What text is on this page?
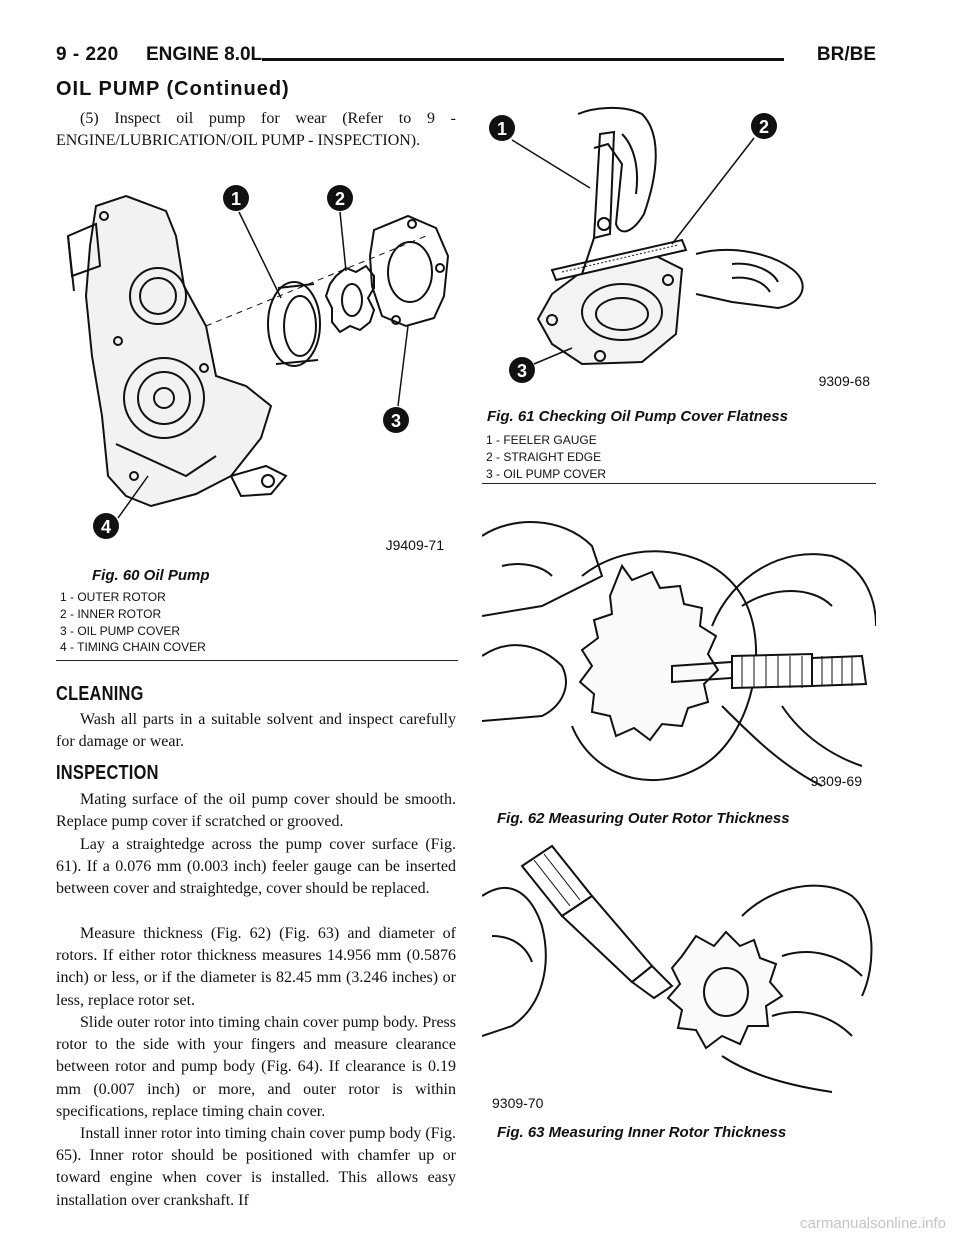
9 - 220 ENGINE 8.0L	BR/BE
OIL PUMP (Continued)
(5) Inspect oil pump for wear (Refer to 9 - ENGINE/LUBRICATION/OIL PUMP - INSPECTION).
1	2
3
4
J9409-71
Fig. 60 Oil Pump
1 - OUTER ROTOR
2 - INNER ROTOR
3 - OIL PUMP COVER
4 - TIMING CHAIN COVER
CLEANING
Wash all parts in a suitable solvent and inspect carefully for damage or wear.
INSPECTION
Mating surface of the oil pump cover should be smooth. Replace pump cover if scratched or grooved.
Lay a straightedge across the pump cover surface (Fig. 61). If a 0.076 mm (0.003 inch) feeler gauge can be inserted between cover and straightedge, cover should be replaced.
Measure thickness (Fig. 62) (Fig. 63) and diameter of rotors. If either rotor thickness measures 14.956 mm (0.5876 inch) or less, or if the diameter is 82.45 mm (3.246 inches) or less, replace rotor set.
Slide outer rotor into timing chain cover pump body. Press rotor to the side with your fingers and measure clearance between rotor and pump body (Fig. 64). If clearance is 0.19 mm (0.007 inch) or more, and outer rotor is within specifications, replace timing chain cover.
Install inner rotor into timing chain cover pump body (Fig. 65). Inner rotor should be positioned with chamfer up or toward engine when cover is installed. This allows easy installation over crankshaft. If
1	2
3	9309-68
Fig. 61 Checking Oil Pump Cover Flatness
1 - FEELER GAUGE
2 - STRAIGHT EDGE
3 - OIL PUMP COVER
9309-69
Fig. 62 Measuring Outer Rotor Thickness
9309-70
Fig. 63 Measuring Inner Rotor Thickness
carmanualsonline.info
